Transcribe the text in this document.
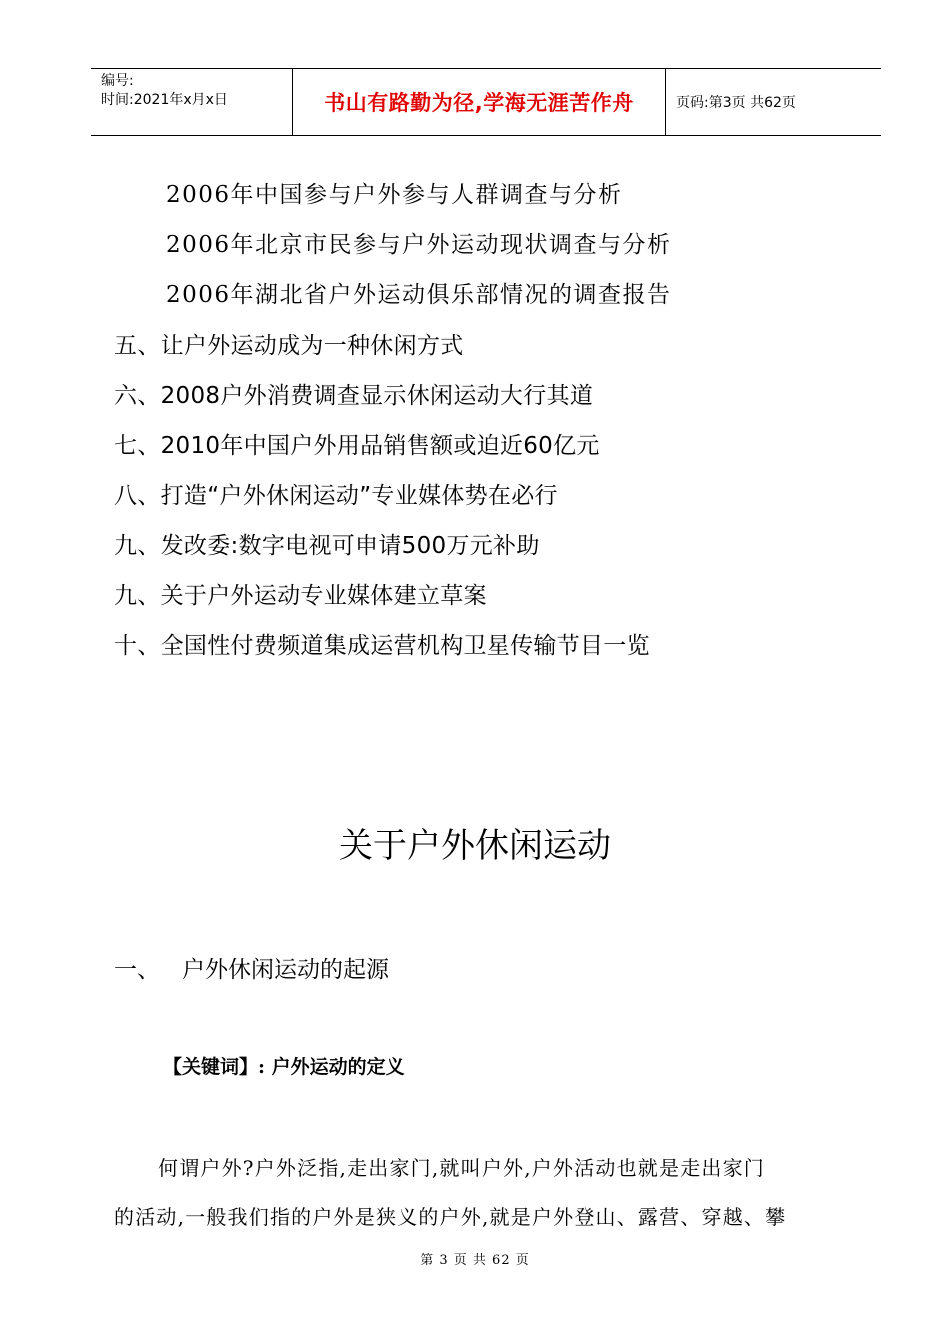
编号:
时间:2021年x月x日	书山有路勤为径,学海无涯苦作舟	页码:第3页 共62页
2006年中国参与户外参与人群调查与分析
2006年北京市民参与户外运动现状调查与分析
2006年湖北省户外运动俱乐部情况的调查报告
五、让户外运动成为一种休闲方式
六、2008户外消费调查显示休闲运动大行其道
七、2010年中国户外用品销售额或迫近60亿元
八、打造“户外休闲运动”专业媒体势在必行
九、发改委:数字电视可申请500万元补助
九、关于户外运动专业媒体建立草案
十、全国性付费频道集成运营机构卫星传输节目一览
关于户外休闲运动
一、 户外休闲运动的起源
【关键词】: 户外运动的定义
何谓户外?户外泛指,走出家门,就叫户外,户外活动也就是走出家门
的活动,一般我们指的户外是狭义的户外,就是户外登山、露营、穿越、攀
第 3 页 共 62 页
